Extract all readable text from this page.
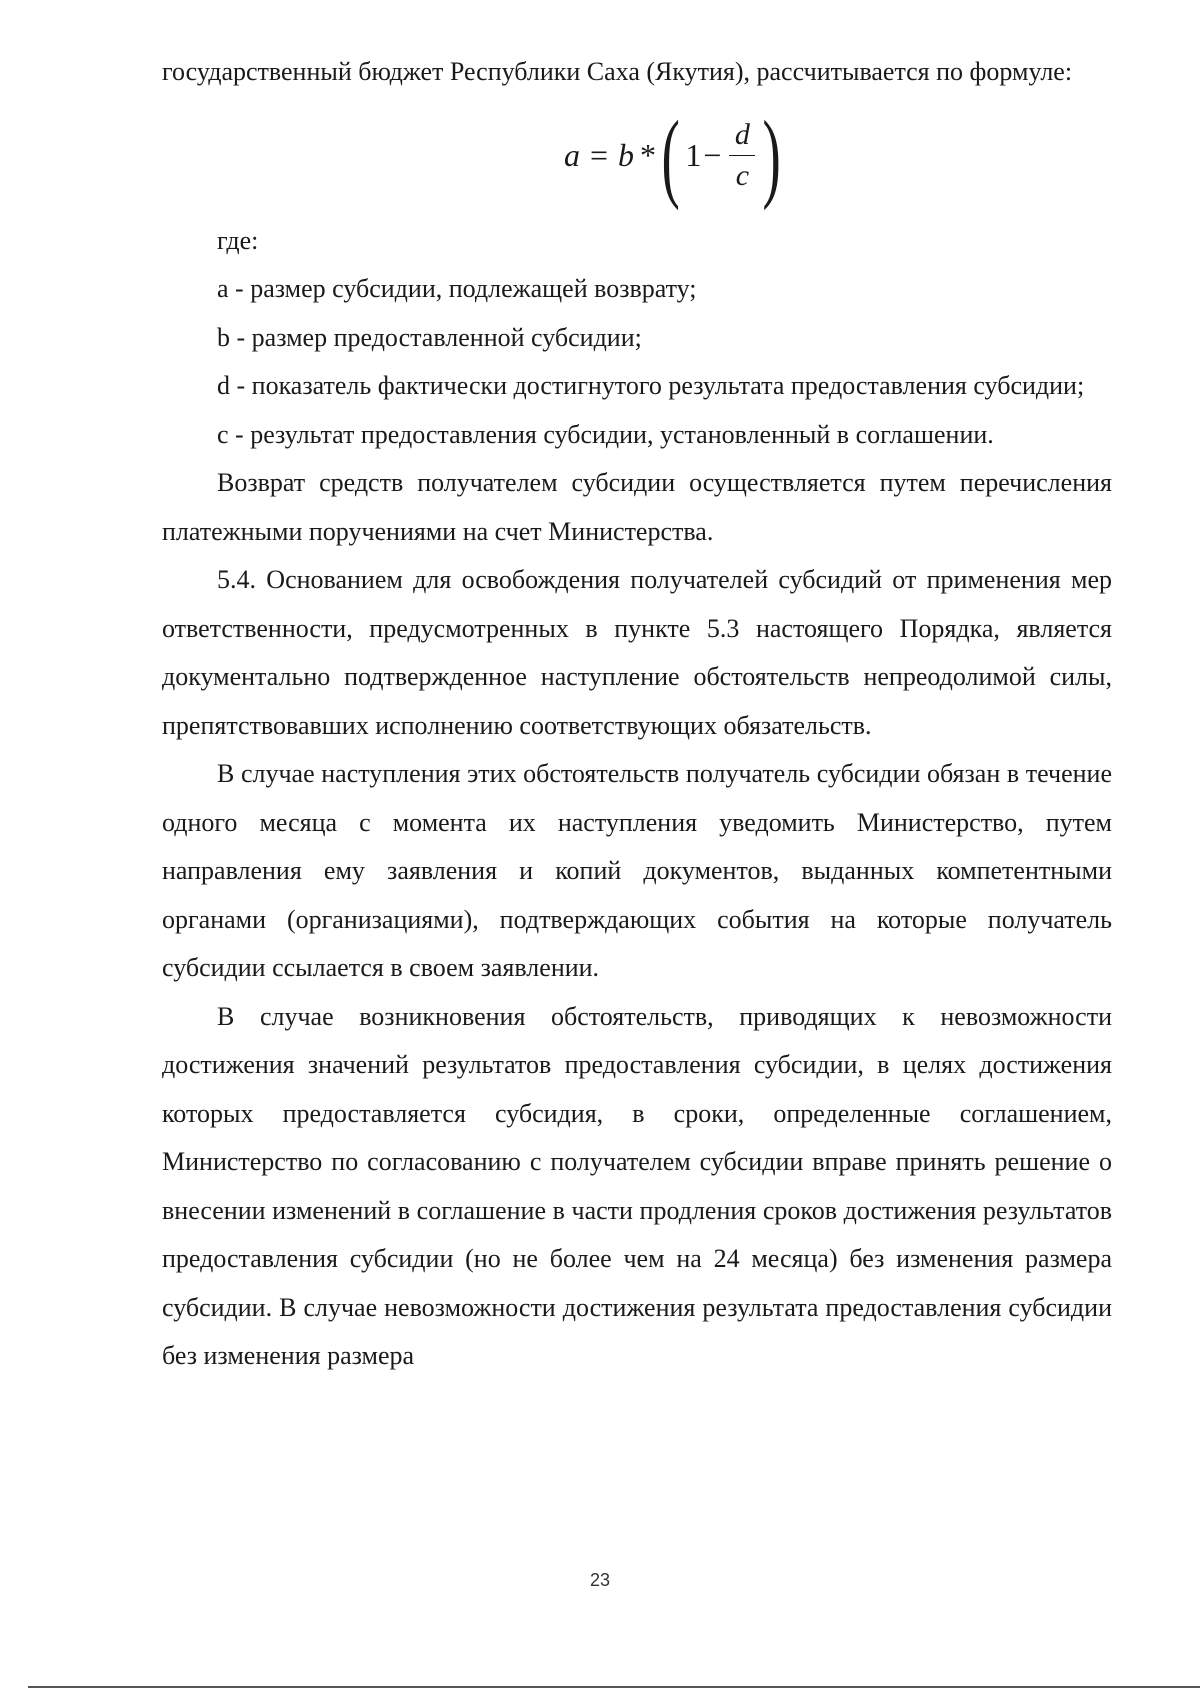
государственный бюджет Республики Саха (Якутия), рассчитывается по формуле:

a = b * ( $1 - \frac{d}{c}$ )

где:

a - размер субсидии, подлежащей возврату;

b - размер предоставленной субсидии;

d - показатель фактически достигнутого результата предоставления субсидии;

c - результат предоставления субсидии, установленный в соглашении.

Возврат средств получателем субсидии осуществляется путем перечисления платежными поручениями на счет Министерства.

5.4. Основанием для освобождения получателей субсидий от применения мер ответственности, предусмотренных в пункте 5.3 настоящего Порядка, является документально подтвержденное наступление обстоятельств непреодолимой силы, препятствовавших исполнению соответствующих обязательств.

В случае наступления этих обстоятельств получатель субсидии обязан в течение одного месяца с момента их наступления уведомить Министерство, путем направления ему заявления и копий документов, выданных компетентными органами (организациями), подтверждающих события на которые получатель субсидии ссылается в своем заявлении.

В случае возникновения обстоятельств, приводящих к невозможности достижения значений результатов предоставления субсидии, в целях достижения которых предоставляется субсидия, в сроки, определенные соглашением, Министерство по согласованию с получателем субсидии вправе принять решение о внесении изменений в соглашение в части продления сроков достижения результатов предоставления субсидии (но не более чем на 24 месяца) без изменения размера субсидии. В случае невозможности достижения результата предоставления субсидии без изменения размера

23
